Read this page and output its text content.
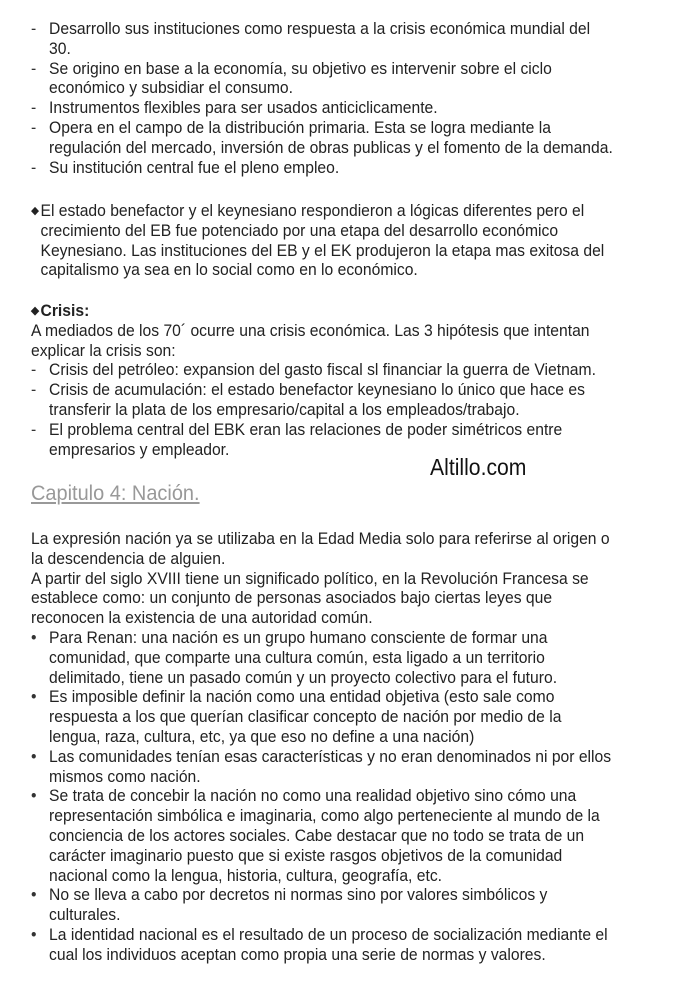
- Desarrollo sus instituciones como respuesta a la crisis económica mundial del
30.
- Se origino en base a la economía, su objetivo es intervenir sobre el ciclo
económico y subsidiar el consumo.
- Instrumentos flexibles para ser usados anticiclicamente.
- Opera en el campo de la distribución primaria. Esta se logra mediante la
regulación del mercado, inversión de obras publicas y el fomento de la demanda.
- Su institución central fue el pleno empleo.
◆ El estado benefactor y el keynesiano respondieron a lógicas diferentes pero el
crecimiento del EB fue potenciado por una etapa del desarrollo económico
Keynesiano. Las instituciones del EB y el EK produjeron la etapa mas exitosa del
capitalismo ya sea en lo social como en lo económico.
◆ Crisis:
A mediados de los 70´ ocurre una crisis económica. Las 3 hipótesis que intentan
explicar la crisis son:
- Crisis del petróleo: expansion del gasto fiscal sl financiar la guerra de Vietnam.
- Crisis de acumulación: el estado benefactor keynesiano lo único que hace es
transferir la plata de los empresario/capital a los empleados/trabajo.
- El problema central del EBK eran las relaciones de poder simétricos entre
empresarios y empleador.
Altillo.com
Capitulo 4: Nación.
La expresión nación ya se utilizaba en la Edad Media solo para referirse al origen o
la descendencia de alguien.
A partir del siglo XVIII tiene un significado político, en la Revolución Francesa se
establece como: un conjunto de personas asociados bajo ciertas leyes que
reconocen la existencia de una autoridad común.
• Para Renan: una nación es un grupo humano consciente de formar una
comunidad, que comparte una cultura común, esta ligado a un territorio
delimitado, tiene un pasado común y un proyecto colectivo para el futuro.
• Es imposible definir la nación como una entidad objetiva (esto sale como
respuesta a los que querían clasificar concepto de nación por medio de la
lengua, raza, cultura, etc, ya que eso no define a una nación)
• Las comunidades tenían esas características y no eran denominados ni por ellos
mismos como nación.
• Se trata de concebir la nación no como una realidad objetivo sino cómo una
representación simbólica e imaginaria, como algo perteneciente al mundo de la
conciencia de los actores sociales. Cabe destacar que no todo se trata de un
carácter imaginario puesto que si existe rasgos objetivos de la comunidad
nacional como la lengua, historia, cultura, geografía, etc.
• No se lleva a cabo por decretos ni normas sino por valores simbólicos y
culturales.
• La identidad nacional es el resultado de un proceso de socialización mediante el
cual los individuos aceptan como propia una serie de normas y valores.
